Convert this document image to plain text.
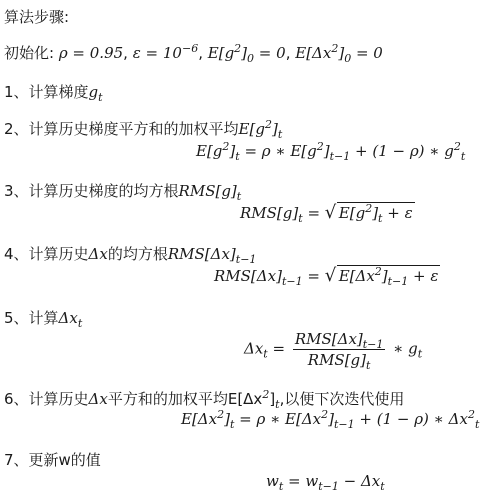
算法步骤:
初始化: ρ = 0.95, $\varepsilon = 10^{-6}$, $E[g^2]_0 = 0$, $E[\Delta x^2]_0 = 0$
1、计算梯度$g_t$
2、计算历史梯度平方和的加权平均$E[g^2]_t$
$E[g^2]_t = \rho$ ∗ $E[g^2]_{t-1} + (1 - \rho)$ ∗ $g^2_t$
3、计算历史梯度的均方根$RMS[g]_t$
$RMS[g]_t$ = √ $E[g^2]_t + \varepsilon$
4、计算历史Δx的均方根$RMS[\Delta x]_{t-1}$
$RMS[\Delta x]_{t-1}$ = √ $E[\Delta x^2]_{t-1} + \varepsilon$
5、计算$\Delta x_t$
$\Delta x_t = \frac{RMS[\Delta x]_{t-1}}{RMS[g]_t}$ ∗ $g_t$
6、计算历史Δx平方和的加权平均$E[\Delta x^2]_t$,以便下次迭代使用
$E[\Delta x^2]_t = \rho$ ∗ $E[\Delta x^2]_{t-1} + (1 - \rho)$ ∗ $\Delta x^2_t$
7、更新w的值
$w_t = w_{t-1} - \Delta x_t$
